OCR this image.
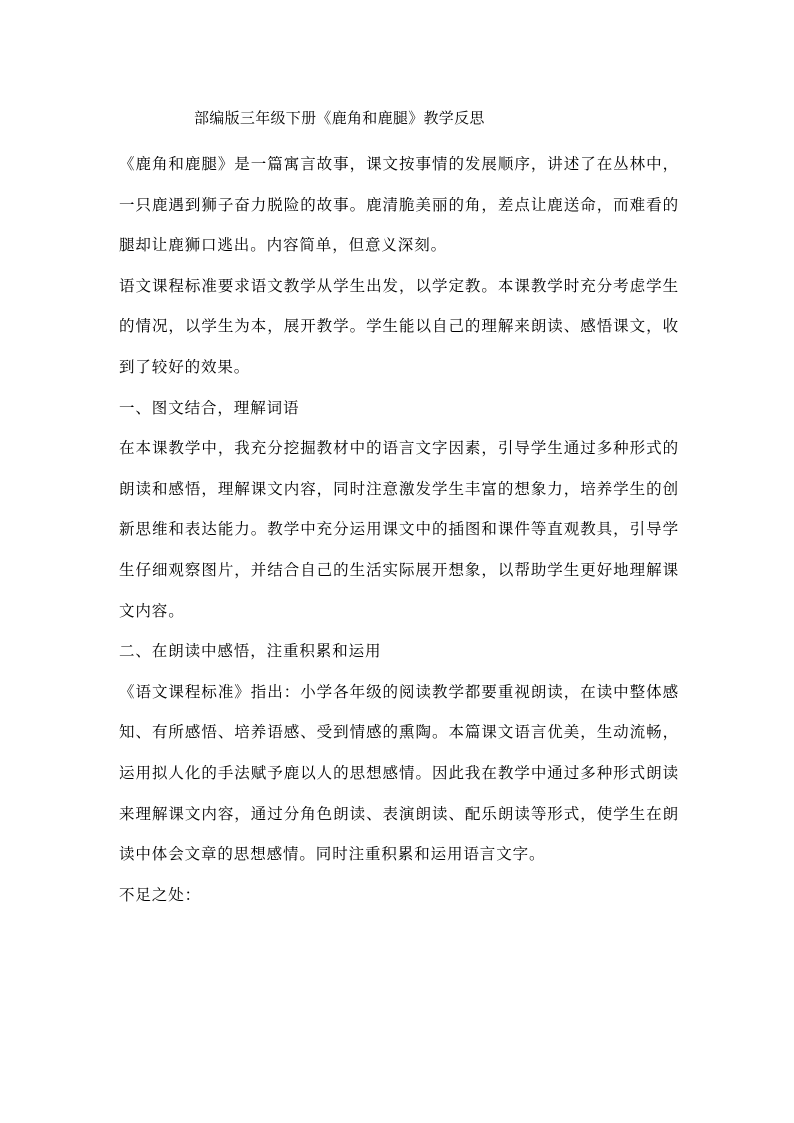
部编版三年级下册《鹿角和鹿腿》教学反思

《鹿角和鹿腿》是一篇寓言故事，课文按事情的发展顺序，讲述了在丛林中，一只鹿遇到狮子奋力脱险的故事。鹿清脆美丽的角，差点让鹿送命，而难看的腿却让鹿狮口逃出。内容简单，但意义深刻。

语文课程标准要求语文教学从学生出发，以学定教。本课教学时充分考虑学生的情况，以学生为本，展开教学。学生能以自己的理解来朗读、感悟课文，收到了较好的效果。

一、图文结合，理解词语

在本课教学中，我充分挖掘教材中的语言文字因素，引导学生通过多种形式的朗读和感悟，理解课文内容，同时注意激发学生丰富的想象力，培养学生的创新思维和表达能力。教学中充分运用课文中的插图和课件等直观教具，引导学生仔细观察图片，并结合自己的生活实际展开想象，以帮助学生更好地理解课文内容。

二、在朗读中感悟，注重积累和运用

《语文课程标准》指出：小学各年级的阅读教学都要重视朗读，在读中整体感知、有所感悟、培养语感、受到情感的熏陶。本篇课文语言优美，生动流畅，运用拟人化的手法赋予鹿以人的思想感情。因此我在教学中通过多种形式朗读来理解课文内容，通过分角色朗读、表演朗读、配乐朗读等形式，使学生在朗读中体会文章的思想感情。同时注重积累和运用语言文字。

不足之处：
